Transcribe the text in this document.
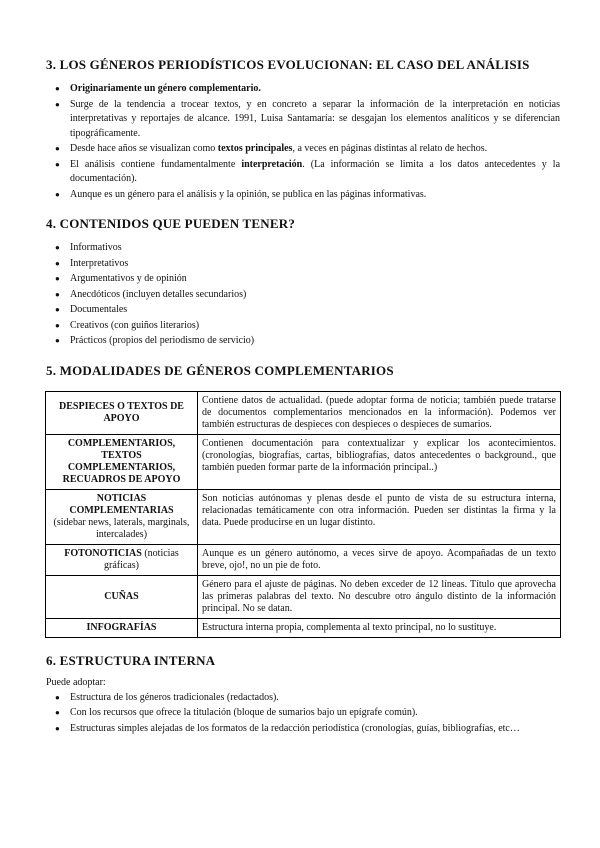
3. LOS GÉNEROS PERIODÍSTICOS EVOLUCIONAN: EL CASO DEL ANÁLISIS
● Originariamente un género complementario.
● Surge de la tendencia a trocear textos, y en concreto a separar la información de la interpretación en noticias interpretativas y reportajes de alcance. 1991, Luisa Santamaría: se desgajan los elementos analíticos y se diferencian tipográficamente.
● Desde hace años se visualizan como textos principales, a veces en páginas distintas al relato de hechos.
● El análisis contiene fundamentalmente interpretación. (La información se limita a los datos antecedentes y la documentación).
● Aunque es un género para el análisis y la opinión, se publica en las páginas informativas.
4. CONTENIDOS QUE PUEDEN TENER?
● Informativos
● Interpretativos
● Argumentativos y de opinión
● Anecdóticos (incluyen detalles secundarios)
● Documentales
● Creativos (con guiños literarios)
● Prácticos (propios del periodismo de servicio)
5. MODALIDADES DE GÉNEROS COMPLEMENTARIOS
DESPIECES O TEXTOS DE APOYO	Contiene datos de actualidad. (puede adoptar forma de noticia; también puede tratarse de documentos complementarios mencionados en la información). Podemos ver también estructuras de despieces con despieces o despieces de sumarios.
COMPLEMENTARIOS, TEXTOS COMPLEMENTARIOS, RECUADROS DE APOYO	Contienen documentación para contextualizar y explicar los acontecimientos. (cronologías, biografías, cartas, bibliografías, datos antecedentes o background., que también pueden formar parte de la información principal..)
NOTICIAS COMPLEMENTARIAS
(sidebar news, laterals, marginals, intercalades)	Son noticias autónomas y plenas desde el punto de vista de su estructura interna, relacionadas temáticamente con otra información. Pueden ser distintas la firma y la data. Puede producirse en un lugar distinto.
FOTONOTICIAS (noticias gráficas)	Aunque es un género autónomo, a veces sirve de apoyo. Acompañadas de un texto breve, ojo!, no un pie de foto.
CUÑAS	Género para el ajuste de páginas. No deben exceder de 12 líneas. Título que aprovecha las primeras palabras del texto. No descubre otro ángulo distinto de la información principal. No se datan.
INFOGRAFÍAS	Estructura interna propia, complementa al texto principal, no lo sustituye.
6. ESTRUCTURA INTERNA
Puede adoptar:
● Estructura de los géneros tradicionales (redactados).
● Con los recursos que ofrece la titulación (bloque de sumarios bajo un epígrafe común).
● Estructuras simples alejadas de los formatos de la redacción periodística (cronologías, guías, bibliografías, etc…
